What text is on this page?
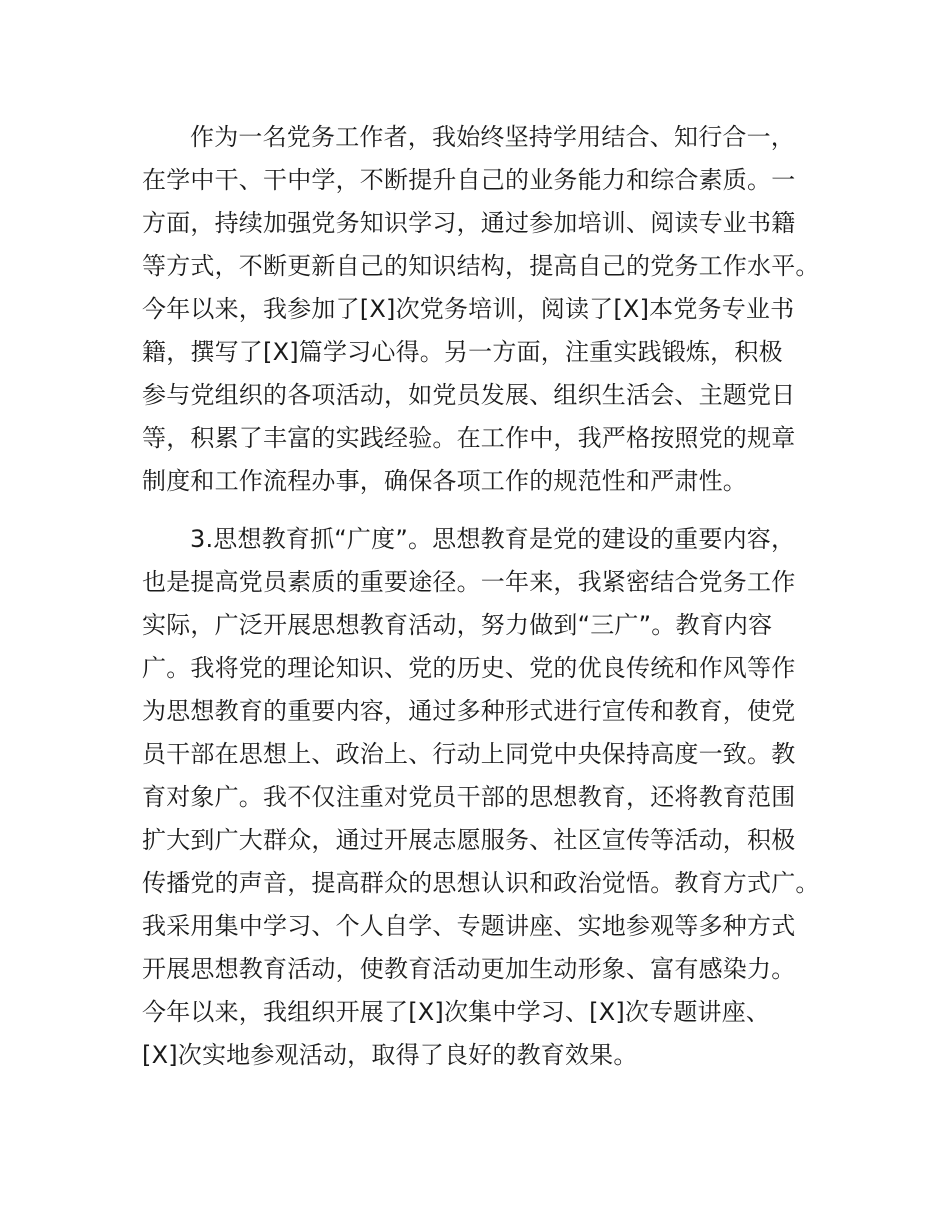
作为一名党务工作者，我始终坚持学用结合、知行合一，
在学中干、干中学，不断提升自己的业务能力和综合素质。一
方面，持续加强党务知识学习，通过参加培训、阅读专业书籍
等方式，不断更新自己的知识结构，提高自己的党务工作水平。
今年以来，我参加了[X]次党务培训，阅读了[X]本党务专业书
籍，撰写了[X]篇学习心得。另一方面，注重实践锻炼，积极
参与党组织的各项活动，如党员发展、组织生活会、主题党日
等，积累了丰富的实践经验。在工作中，我严格按照党的规章
制度和工作流程办事，确保各项工作的规范性和严肃性。
3.思想教育抓“广度”。思想教育是党的建设的重要内容，
也是提高党员素质的重要途径。一年来，我紧密结合党务工作
实际，广泛开展思想教育活动，努力做到“三广”。教育内容
广。我将党的理论知识、党的历史、党的优良传统和作风等作
为思想教育的重要内容，通过多种形式进行宣传和教育，使党
员干部在思想上、政治上、行动上同党中央保持高度一致。教
育对象广。我不仅注重对党员干部的思想教育，还将教育范围
扩大到广大群众，通过开展志愿服务、社区宣传等活动，积极
传播党的声音，提高群众的思想认识和政治觉悟。教育方式广。
我采用集中学习、个人自学、专题讲座、实地参观等多种方式
开展思想教育活动，使教育活动更加生动形象、富有感染力。
今年以来，我组织开展了[X]次集中学习、[X]次专题讲座、
[X]次实地参观活动，取得了良好的教育效果。
